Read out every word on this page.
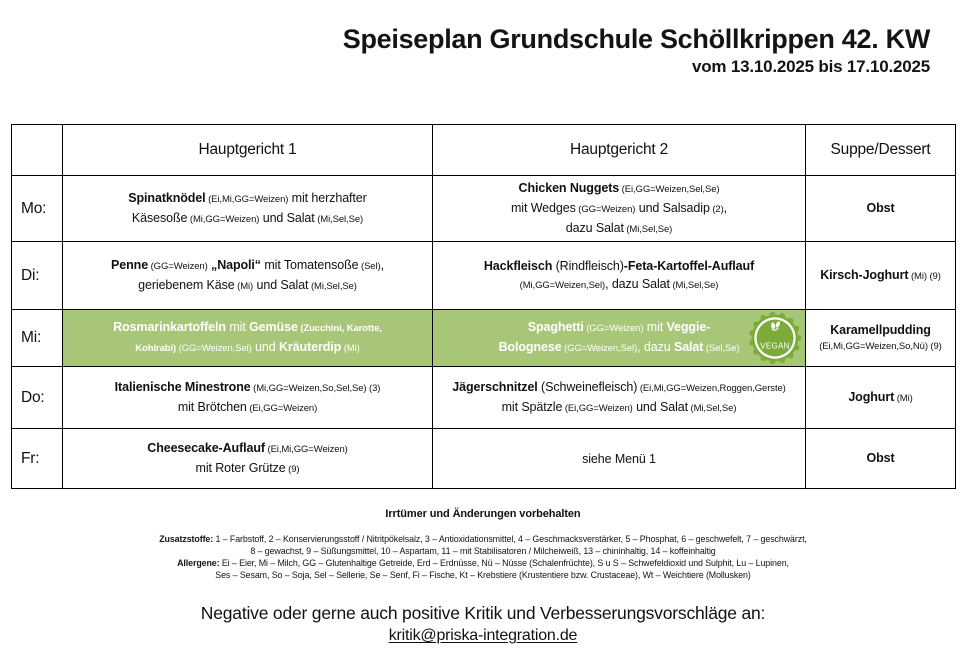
Speiseplan Grundschule Schöllkrippen 42. KW
vom 13.10.2025 bis 17.10.2025
	Hauptgericht 1	Hauptgericht 2	Suppe/Dessert
Mo:	Spinatknödel (Ei,Mi,GG=Weizen) mit herzhafter
Käsesoße (Mi,GG=Weizen) und Salat (Mi,Sel,Se)	Chicken Nuggets (Ei,GG=Weizen,Sel,Se)
mit Wedges (GG=Weizen) und Salsadip (2),
dazu Salat (Mi,Sel,Se)	Obst
Di:	Penne (GG=Weizen) „Napoli“ mit Tomatensoße (Sel),
geriebenem Käse (Mi) und Salat (Mi,Sel,Se)	Hackfleisch (Rindfleisch)-Feta-Kartoffel-Auflauf
(Mi,GG=Weizen,Sel), dazu Salat (Mi,Sel,Se)	Kirsch-Joghurt (Mi) (9)
Mi:	Rosmarinkartoffeln mit Gemüse (Zucchini, Karotte,
Kohlrabi) (GG=Weizen,Sel) und Kräuterdip (Mi)	Spaghetti (GG=Weizen) mit Veggie-
Bolognese (GG=Weizen,Sel), dazu Salat (Sel,Se) VEGAN	Karamellpudding
(Ei,Mi,GG=Weizen,So,Nü) (9)
Do:	Italienische Minestrone (Mi,GG=Weizen,So,Sel,Se) (3)
mit Brötchen (Ei,GG=Weizen)	Jägerschnitzel (Schweinefleisch) (Ei,Mi,GG=Weizen,Roggen,Gerste)
mit Spätzle (Ei,GG=Weizen) und Salat (Mi,Sel,Se)	Joghurt (Mi)
Fr:	Cheesecake-Auflauf (Ei,Mi,GG=Weizen)
mit Roter Grütze (9)	siehe Menü 1	Obst
Irrtümer und Änderungen vorbehalten
Zusatzstoffe: 1 – Farbstoff, 2 – Konservierungsstoff / Nitritpökelsalz, 3 – Antioxidationsmittel, 4 – Geschmacksverstärker, 5 – Phosphat, 6 – geschwefelt, 7 – geschwärzt,
8 – gewachst, 9 – Süßungsmittel, 10 – Aspartam, 11 – mit Stabilisatoren / Milcheiweiß, 13 – chininhaltig, 14 – koffeinhaltig
Allergene: Ei – Eier, Mi – Milch, GG – Glutenhaltige Getreide, Erd – Erdnüsse, Nü – Nüsse (Schalenfrüchte), S u S – Schwefeldioxid und Sulphit, Lu – Lupinen,
Ses – Sesam, So – Soja, Sel – Sellerie, Se – Senf, Fi – Fische, Kt – Krebstiere (Krustentiere bzw. Crustaceae), Wt – Weichtiere (Mollusken)
Negative oder gerne auch positive Kritik und Verbesserungsvorschläge an:
kritik@priska-integration.de
